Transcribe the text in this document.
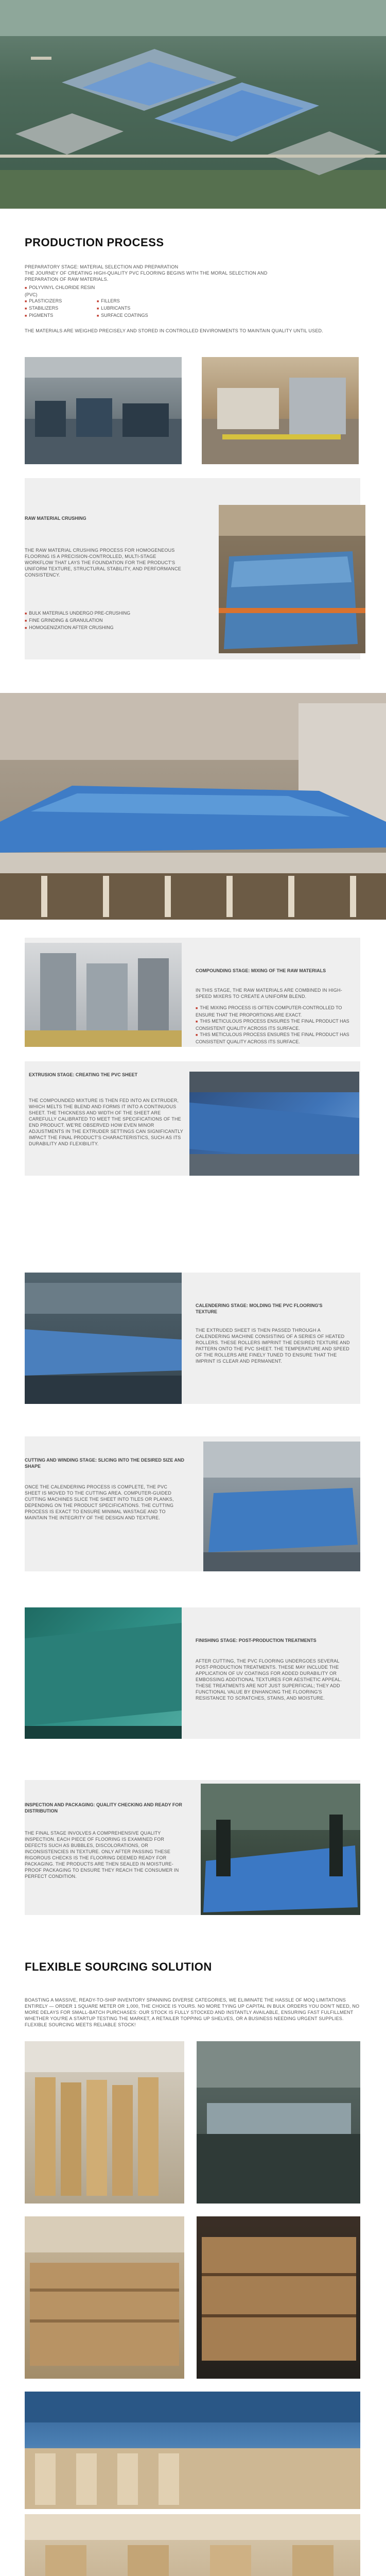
PRODUCTION PROCESS
PREPARATORY STAGE: MATERIAL SELECTION AND PREPARATION
THE JOURNEY OF CREATING HIGH-QUALITY PVC FLOORING BEGINS WITH THE MORAL SELECTION AND
PREPARATION OF RAW MATERIALS.
■ POLYVINYL CHLORIDE RESIN (PVC)
■ PLASTICIZERS	■ FILLERS
■ STABILIZERS	■ LUBRICANTS
■ PIGMENTS	■ SURFACE COATINGS
THE MATERIALS ARE WEIGHED PRECISELY AND STORED IN CONTROLLED ENVIRONMENTS TO MAINTAIN QUALITY UNTIL USED.
RAW MATERIAL CRUSHING
THE RAW MATERIAL CRUSHING PROCESS FOR HOMOGENEOUS FLOORING IS A PRECISION-CONTROLLED, MULTI-STAGE WORKFLOW THAT LAYS THE FOUNDATION FOR THE PRODUCT'S UNIFORM TEXTURE, STRUCTURAL STABILITY, AND PERFORMANCE CONSISTENCY.
■ BULK MATERIALS UNDERGO PRE-CRUSHING
■ FINE GRINDING & GRANULATION
■ HOMOGENIZATION AFTER CRUSHING
COMPOUNDING STAGE: MIXING OF THE RAW MATERIALS
IN THIS STAGE, THE RAW MATERIALS ARE COMBINED IN HIGH-SPEED MIXERS TO CREATE A UNIFORM BLEND.
■ THE MIXING PROCESS IS OFTEN COMPUTER-CONTROLLED TO ENSURE THAT THE PROPORTIONS ARE EXACT.
■ THIS METICULOUS PROCESS ENSURES THE FINAL PRODUCT HAS CONSISTENT QUALITY ACROSS ITS SURFACE.
■ THIS METICULOUS PROCESS ENSURES THE FINAL PRODUCT HAS CONSISTENT QUALITY ACROSS ITS SURFACE.
EXTRUSION STAGE: CREATING THE PVC SHEET
THE COMPOUNDED MIXTURE IS THEN FED INTO AN EXTRUDER, WHICH MELTS THE BLEND AND FORMS IT INTO A CONTINUOUS SHEET. THE THICKNESS AND WIDTH OF THE SHEET ARE CAREFULLY CALIBRATED TO MEET THE SPECIFICATIONS OF THE END PRODUCT. WE'RE OBSERVED HOW EVEN MINOR ADJUSTMENTS IN THE EXTRUDER SETTINGS CAN SIGNIFICANTLY IMPACT THE FINAL PRODUCT'S CHARACTERISTICS, SUCH AS ITS DURABILITY AND FLEXIBILITY.
CALENDERING STAGE: MOLDING THE PVC FLOORING'S TEXTURE
THE EXTRUDED SHEET IS THEN PASSED THROUGH A CALENDERING MACHINE CONSISTING OF A SERIES OF HEATED ROLLERS. THESE ROLLERS IMPRINT THE DESIRED TEXTURE AND PATTERN ONTO THE PVC SHEET. THE TEMPERATURE AND SPEED OF THE ROLLERS ARE FINELY TUNED TO ENSURE THAT THE IMPRINT IS CLEAR AND PERMANENT.
CUTTING AND WINDING STAGE: SLICING INTO THE DESIRED SIZE AND SHAPE
ONCE THE CALENDERING PROCESS IS COMPLETE, THE PVC SHEET IS MOVED TO THE CUTTING AREA. COMPUTER-GUIDED CUTTING MACHINES SLICE THE SHEET INTO TILES OR PLANKS, DEPENDING ON THE PRODUCT SPECIFICATIONS. THE CUTTING PROCESS IS EXACT TO ENSURE MINIMAL WASTAGE AND TO MAINTAIN THE INTEGRITY OF THE DESIGN AND TEXTURE.
FINISHING STAGE: POST-PRODUCTION TREATMENTS
AFTER CUTTING, THE PVC FLOORING UNDERGOES SEVERAL POST-PRODUCTION TREATMENTS. THESE MAY INCLUDE THE APPLICATION OF UV COATINGS FOR ADDED DURABILITY OR EMBOSSING ADDITIONAL TEXTURES FOR AESTHETIC APPEAL. THESE TREATMENTS ARE NOT JUST SUPERFICIAL; THEY ADD FUNCTIONAL VALUE BY ENHANCING THE FLOORING'S RESISTANCE TO SCRATCHES, STAINS, AND MOISTURE.
INSPECTION AND PACKAGING: QUALITY CHECKING AND READY FOR DISTRIBUTION
THE FINAL STAGE INVOLVES A COMPREHENSIVE QUALITY INSPECTION. EACH PIECE OF FLOORING IS EXAMINED FOR DEFECTS SUCH AS BUBBLES, DISCOLORATIONS, OR INCONSISTENCIES IN TEXTURE. ONLY AFTER PASSING THESE RIGOROUS CHECKS IS THE FLOORING DEEMED READY FOR PACKAGING. THE PRODUCTS ARE THEN SEALED IN MOISTURE-PROOF PACKAGING TO ENSURE THEY REACH THE CONSUMER IN PERFECT CONDITION.
FLEXIBLE SOURCING SOLUTION
BOASTING A MASSIVE, READY-TO-SHIP INVENTORY SPANNING DIVERSE CATEGORIES, WE ELIMINATE THE HASSLE OF MOQ LIMITATIONS ENTIRELY — ORDER 1 SQUARE METER OR 1,000, THE CHOICE IS YOURS. NO MORE TYING UP CAPITAL IN BULK ORDERS YOU DON'T NEED, NO MORE DELAYS FOR SMALL-BATCH PURCHASES: OUR STOCK IS FULLY STOCKED AND INSTANTLY AVAILABLE, ENSURING FAST FULFILLMENT WHETHER YOU'RE A STARTUP TESTING THE MARKET, A RETAILER TOPPING UP SHELVES, OR A BUSINESS NEEDING URGENT SUPPLIES. FLEXIBLE SOURCING MEETS RELIABLE STOCK!
